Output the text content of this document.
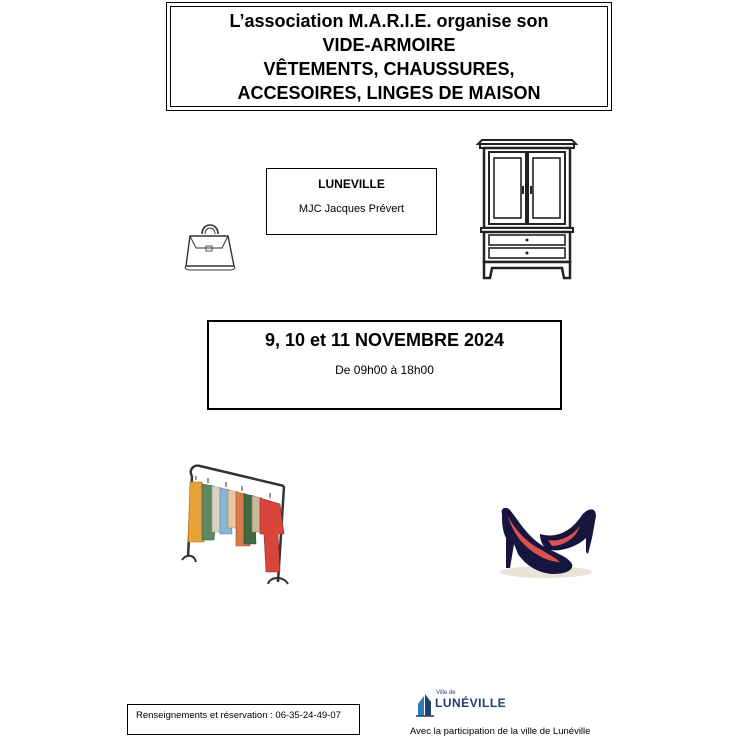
L’association M.A.R.I.E. organise son
VIDE-ARMOIRE
VÊTEMENTS, CHAUSSURES,
ACCESOIRES, LINGES DE MAISON
LUNEVILLE
MJC Jacques Prévert
9, 10 et 11 NOVEMBRE 2024
De 09h00 à 18h00
Renseignements et réservation : 06-35-24-49-07
Ville de
LUNÉVILLE
Avec la participation de la ville de Lunéville
